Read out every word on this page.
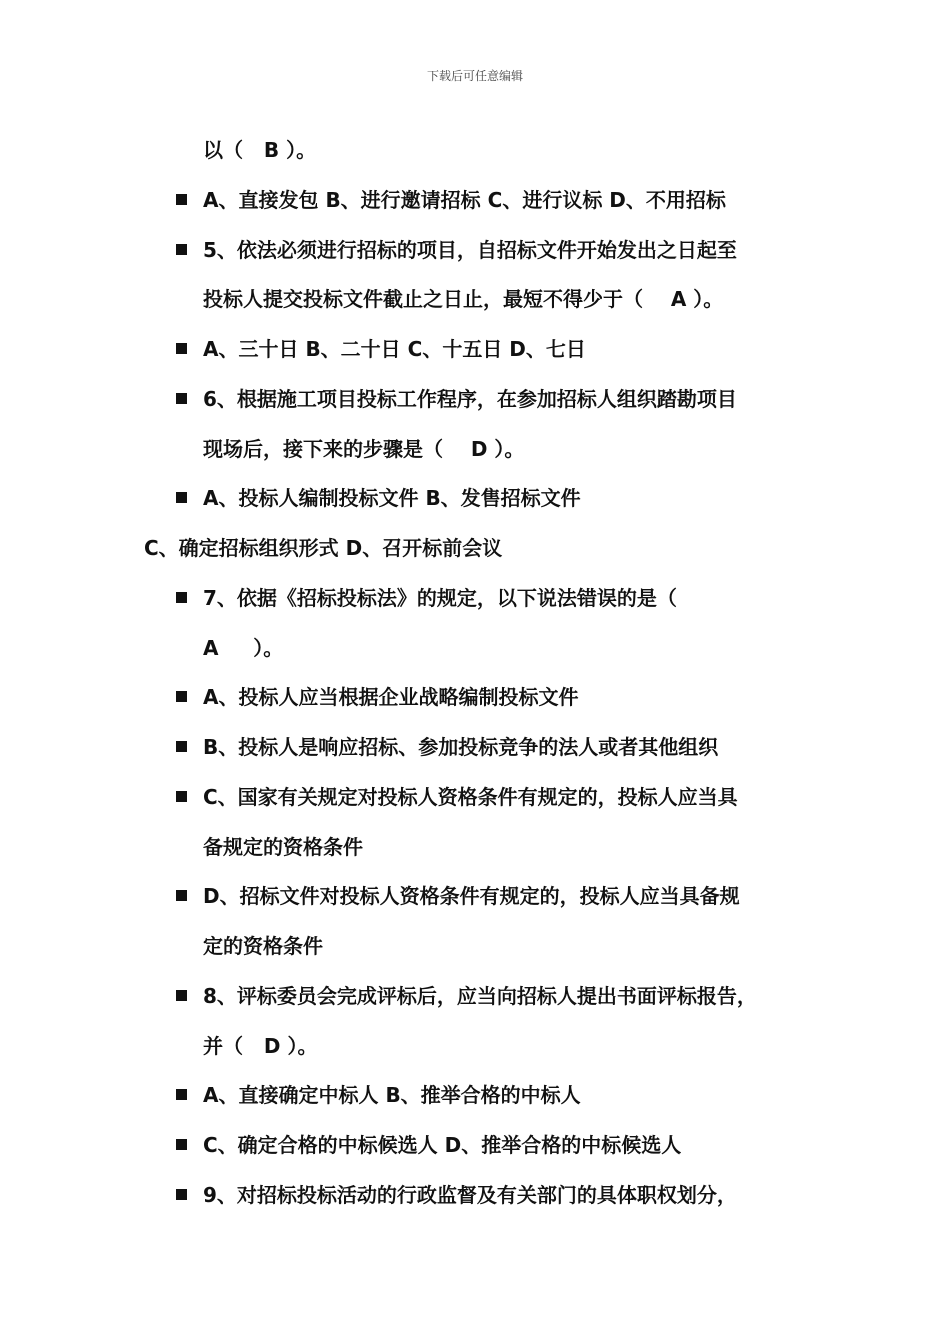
下载后可任意编辑
以（   B ）。
A、直接发包 B、进行邀请招标 C、进行议标 D、不用招标
5、依法必须进行招标的项目，自招标文件开始发出之日起至
投标人提交投标文件截止之日止，最短不得少于（    A ）。
A、三十日 B、二十日 C、十五日 D、七日
6、根据施工项目投标工作程序，在参加招标人组织踏勘项目
现场后，接下来的步骤是（    D ）。
A、投标人编制投标文件 B、发售招标文件
C、确定招标组织形式 D、召开标前会议
7、依据《招标投标法》的规定，以下说法错误的是（
A     ）。
A、投标人应当根据企业战略编制投标文件
B、投标人是响应招标、参加投标竞争的法人或者其他组织
C、国家有关规定对投标人资格条件有规定的，投标人应当具
备规定的资格条件
D、招标文件对投标人资格条件有规定的，投标人应当具备规
定的资格条件
8、评标委员会完成评标后，应当向招标人提出书面评标报告，
并（   D ）。
A、直接确定中标人 B、推举合格的中标人
C、确定合格的中标候选人 D、推举合格的中标候选人
9、对招标投标活动的行政监督及有关部门的具体职权划分，
